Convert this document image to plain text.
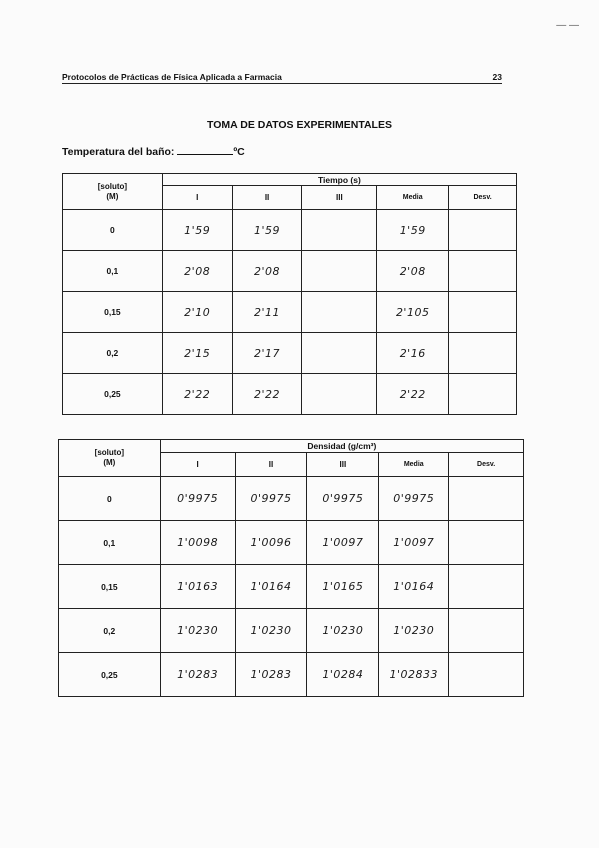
— —
Protocolos de Prácticas de Física Aplicada a Farmacia	23
TOMA DE DATOS EXPERIMENTALES
Temperatura del baño:	ºC
[soluto]
(M)	Tiempo (s)				
	I	II	III	Media	Desv.
0	1'59	1'59		1'59	
0,1	2'08	2'08		2'08	
0,15	2'10	2'11		2'105	
0,2	2'15	2'17		2'16	
0,25	2'22	2'22		2'22	
[soluto]
(M)	Densidad (g/cm³)				
	I	II	III	Media	Desv.
0	0'9975	0'9975	0'9975	0'9975	
0,1	1'0098	1'0096	1'0097	1'0097	
0,15	1'0163	1'0164	1'0165	1'0164	
0,2	1'0230	1'0230	1'0230	1'0230	
0,25	1'0283	1'0283	1'0284	1'02833	
